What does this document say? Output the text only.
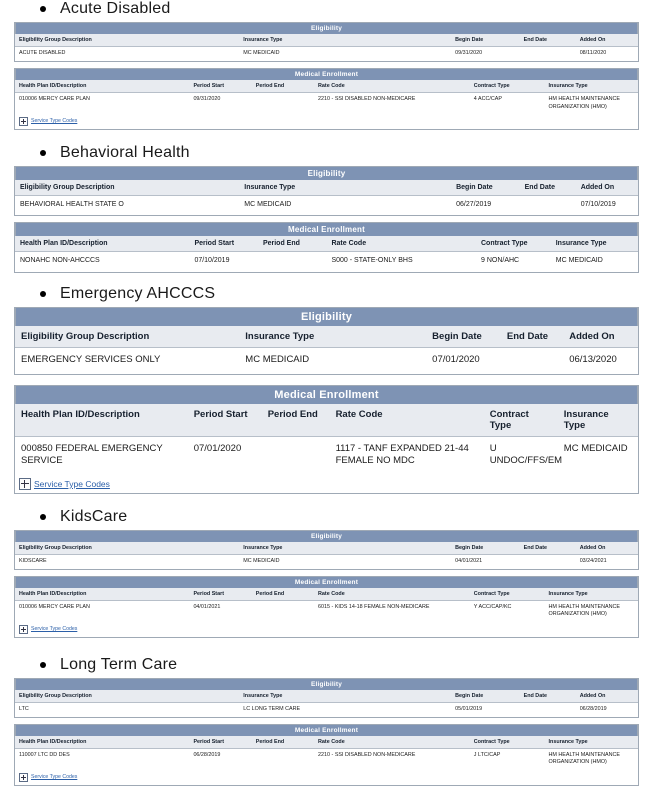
Acute Disabled
Eligibility
Eligibility Group Description	Insurance Type	Begin Date	End Date	Added On
ACUTE DISABLED	MC MEDICAID	09/31/2020		08/11/2020
Medical Enrollment
Health Plan ID/Description	Period Start	Period End	Rate Code	Contract Type	Insurance Type
010006 MERCY CARE PLAN	09/31/2020		2210 - SSI DISABLED NON-MEDICARE	4 ACC/CAP	HM HEALTH MAINTENANCE ORGANIZATION (HMO)
Service Type Codes
Behavioral Health
Eligibility
Eligibility Group Description	Insurance Type	Begin Date	End Date	Added On
BEHAVIORAL HEALTH STATE O	MC MEDICAID	06/27/2019		07/10/2019
Medical Enrollment
Health Plan ID/Description	Period Start	Period End	Rate Code	Contract Type	Insurance Type
NONAHC NON-AHCCCS	07/10/2019		S000 - STATE-ONLY BHS	9 NON/AHC	MC MEDICAID
Emergency AHCCCS
Eligibility
Eligibility Group Description	Insurance Type	Begin Date	End Date	Added On
EMERGENCY SERVICES ONLY	MC MEDICAID	07/01/2020		06/13/2020
Medical Enrollment
Health Plan ID/Description	Period Start	Period End	Rate Code	Contract Type	Insurance Type
000850 FEDERAL EMERGENCY SERVICE	07/01/2020		1117 - TANF EXPANDED 21-44 FEMALE NO MDC	U UNDOC/FFS/EM	MC MEDICAID
Service Type Codes
KidsCare
Eligibility
Eligibility Group Description	Insurance Type	Begin Date	End Date	Added On
KIDSCARE	MC MEDICAID	04/01/2021		03/24/2021
Medical Enrollment
Health Plan ID/Description	Period Start	Period End	Rate Code	Contract Type	Insurance Type
010006 MERCY CARE PLAN	04/01/2021		6015 - KIDS 14-18 FEMALE NON-MEDICARE	Y ACC/CAP/KC	HM HEALTH MAINTENANCE ORGANIZATION (HMO)
Service Type Codes
Long Term Care
Eligibility
Eligibility Group Description	Insurance Type	Begin Date	End Date	Added On
LTC	LC LONG TERM CARE	05/01/2019		06/28/2019
Medical Enrollment
Health Plan ID/Description	Period Start	Period End	Rate Code	Contract Type	Insurance Type
110007 LTC DD DES	06/28/2019		2210 - SSI DISABLED NON-MEDICARE	J LTC/CAP	HM HEALTH MAINTENANCE ORGANIZATION (HMO)
Service Type Codes
